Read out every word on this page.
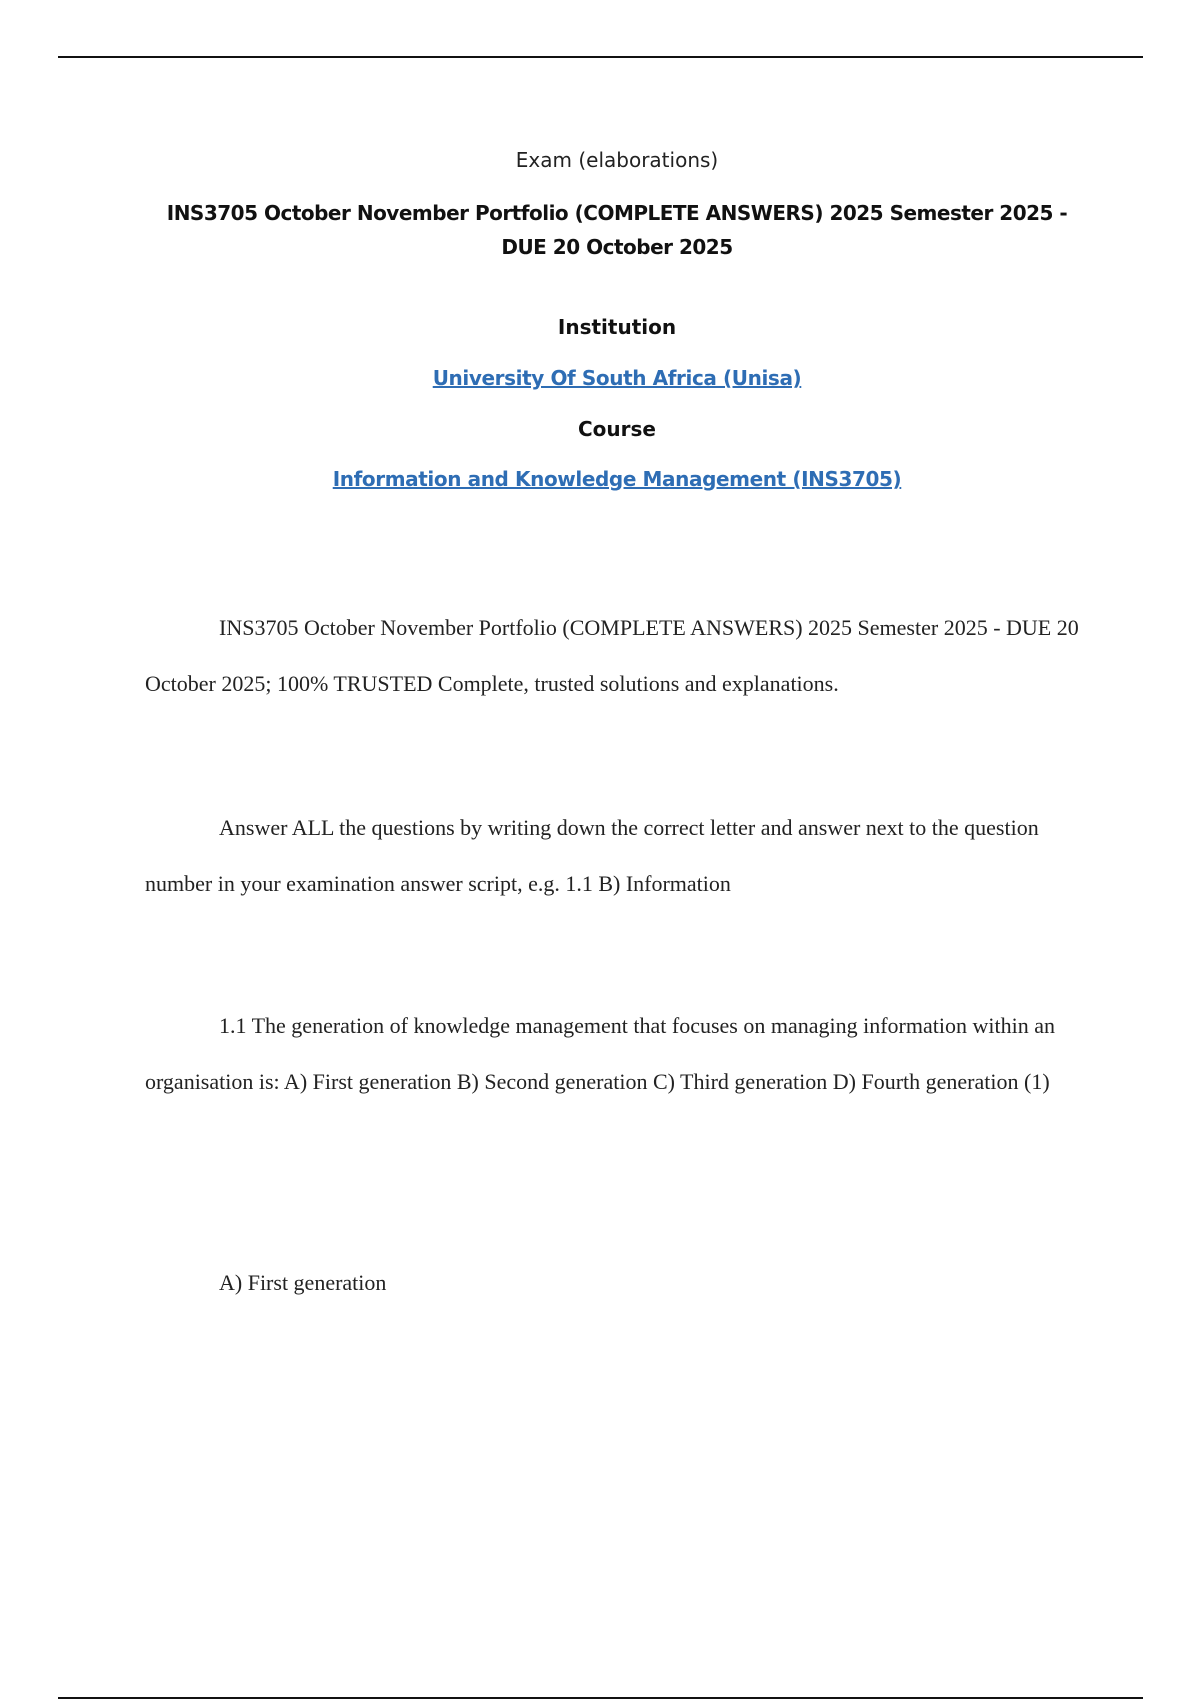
Exam (elaborations)
INS3705 October November Portfolio (COMPLETE ANSWERS) 2025 Semester 2025 - DUE 20 October 2025
Institution
University Of South Africa (Unisa)
Course
Information and Knowledge Management (INS3705)

INS3705 October November Portfolio (COMPLETE ANSWERS) 2025 Semester 2025 - DUE 20 October 2025; 100% TRUSTED Complete, trusted solutions and explanations.

Answer ALL the questions by writing down the correct letter and answer next to the question number in your examination answer script, e.g. 1.1 B) Information

1.1 The generation of knowledge management that focuses on managing information within an organisation is: A) First generation B) Second generation C) Third generation D) Fourth generation (1)

A) First generation
